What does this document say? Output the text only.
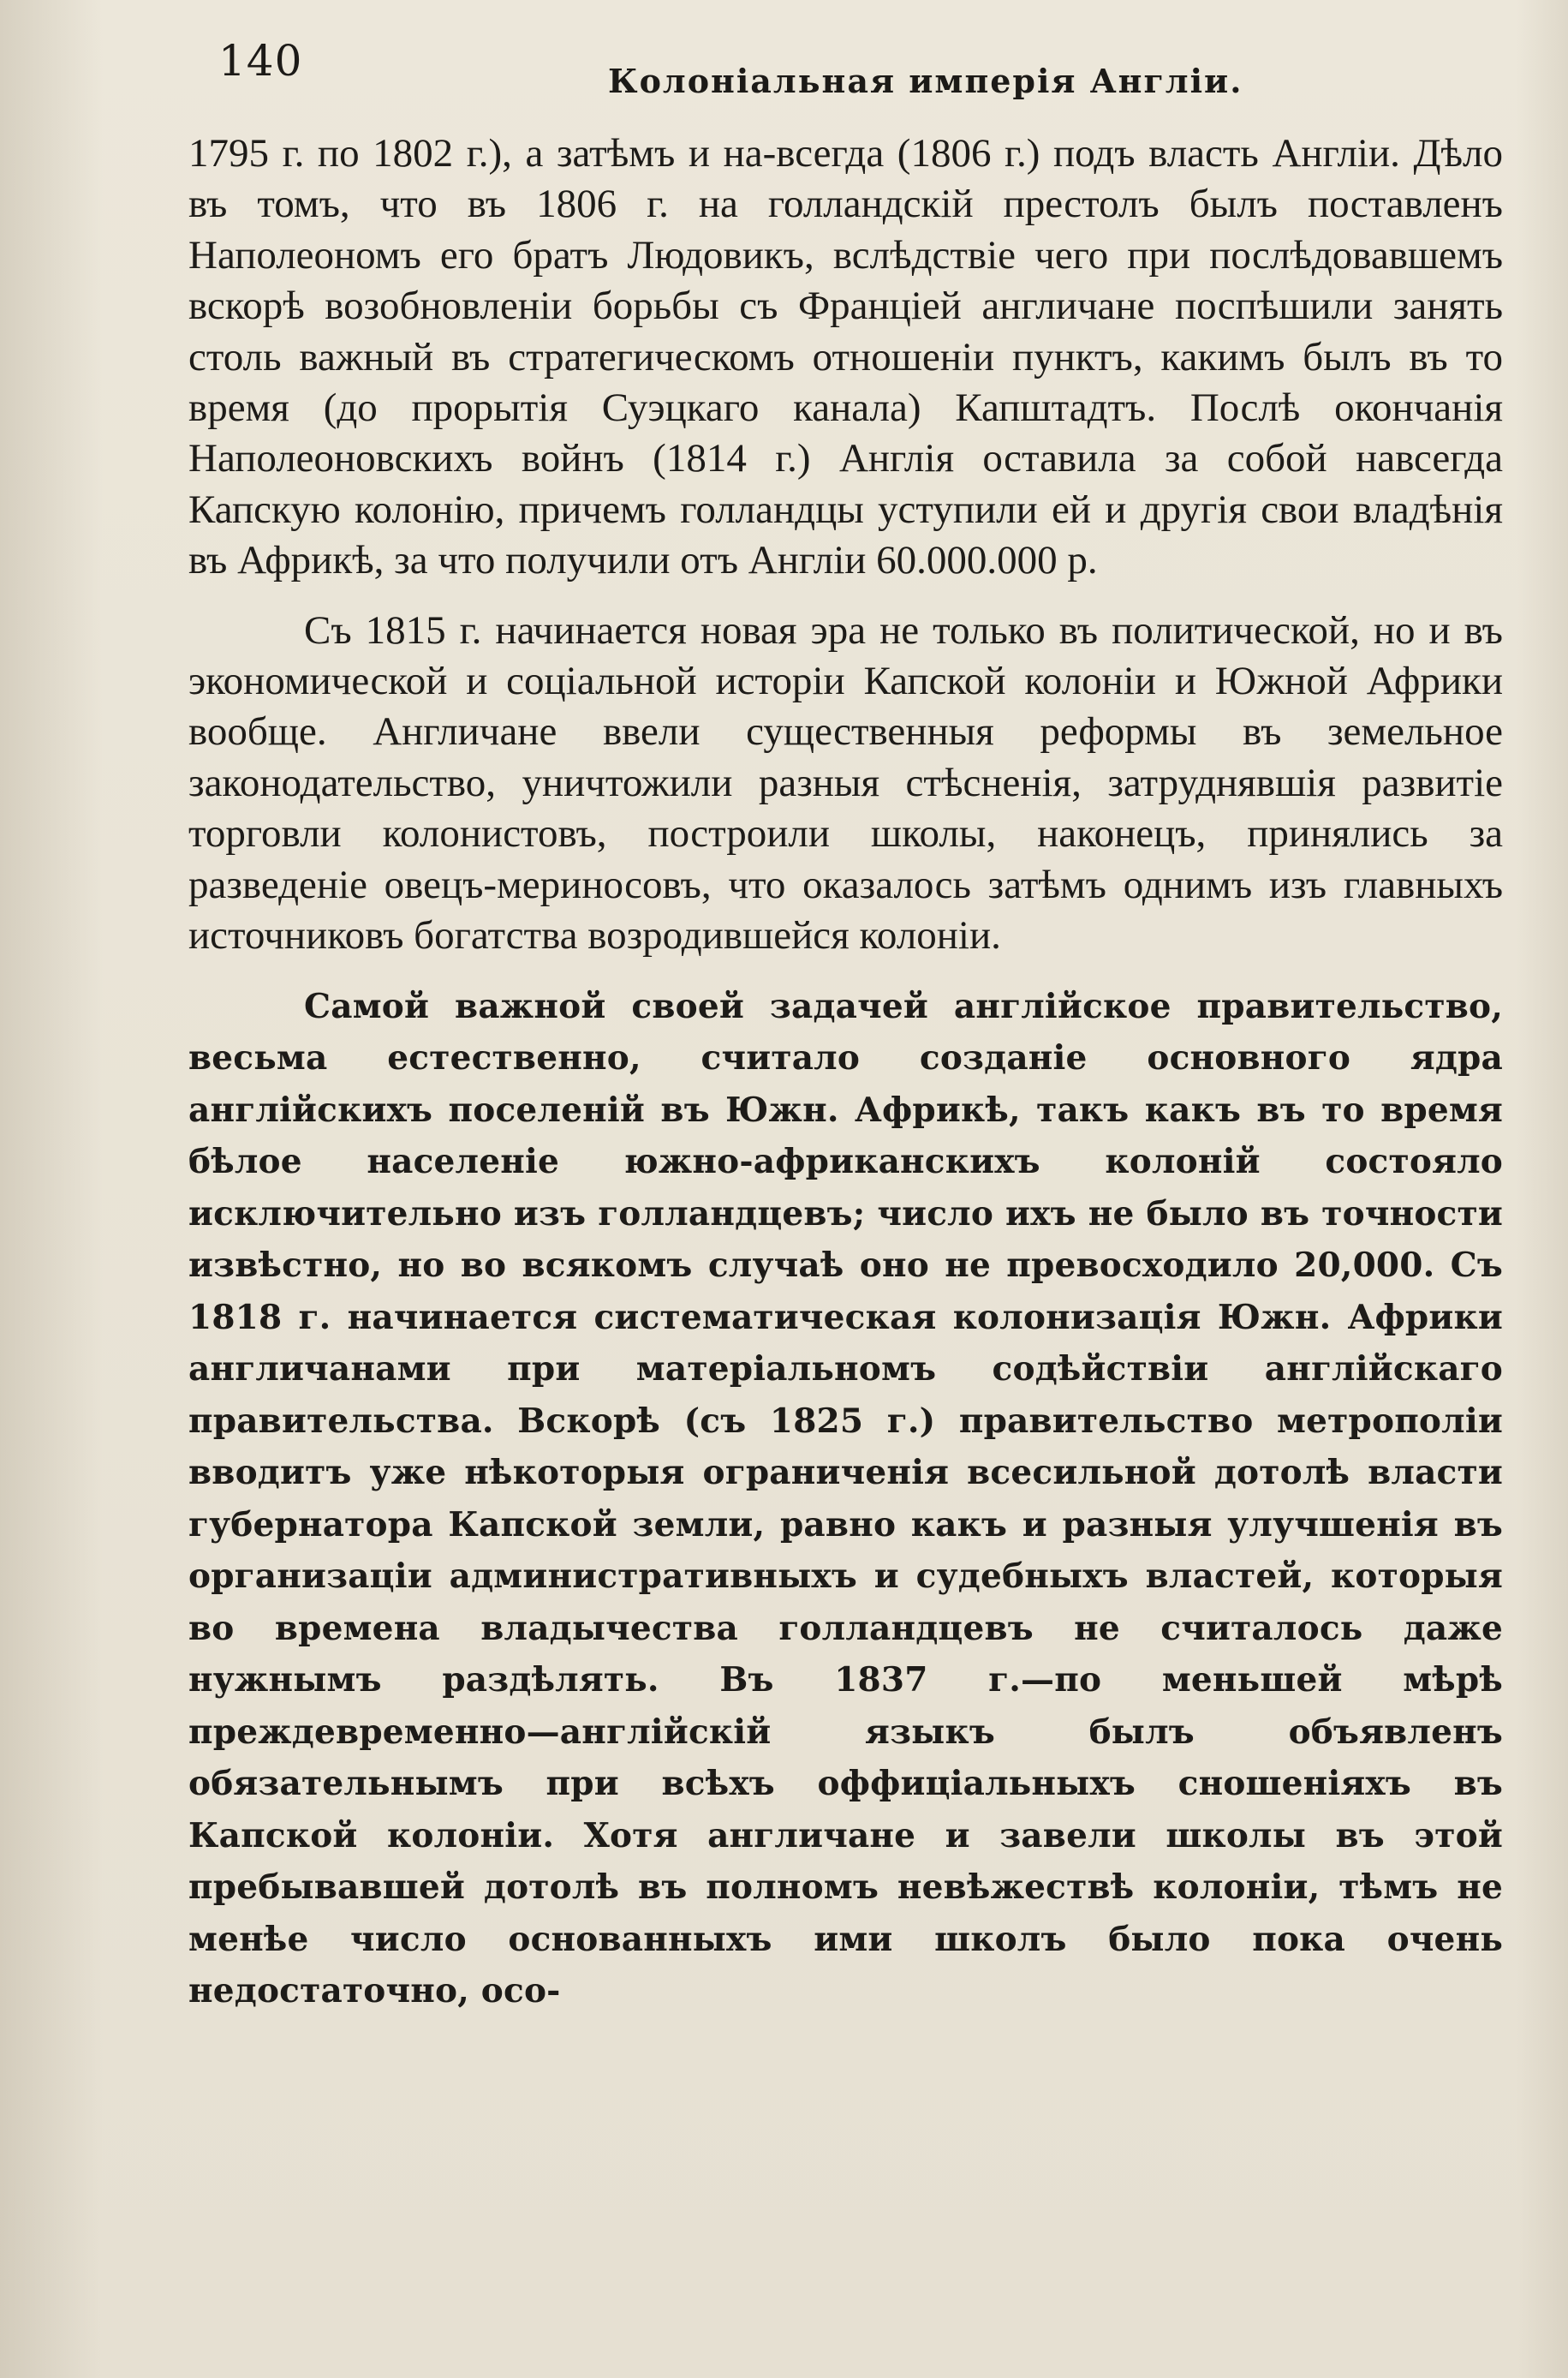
140	Колоніальная имперія Англіи.

1795 г. по 1802 г.), а затѣмъ и на-всегда (1806 г.) подъ власть Англіи. Дѣло въ томъ, что въ 1806 г. на голландскій престолъ былъ поставленъ Наполеономъ его братъ Людовикъ, вслѣдствіе чего при послѣдовавшемъ вскорѣ возобновленіи борьбы съ Франціей англичане поспѣшили занять столь важный въ стратегическомъ отношеніи пунктъ, какимъ былъ въ то время (до прорытія Суэцкаго канала) Капштадтъ. Послѣ окончанія Наполеоновскихъ войнъ (1814 г.) Англія оставила за собой навсегда Капскую колонію, причемъ голландцы уступили ей и другія свои владѣнія въ Африкѣ, за что получили отъ Англіи 60.000.000 р.

Съ 1815 г. начинается новая эра не только въ политической, но и въ экономической и соціальной исторіи Капской колоніи и Южной Африки вообще. Англичане ввели существенныя реформы въ земельное законодательство, уничтожили разныя стѣсненія, затруднявшія развитіе торговли колонистовъ, построили школы, наконецъ, принялись за разведеніе овецъ-мериносовъ, что оказалось затѣмъ однимъ изъ главныхъ источниковъ богатства возродившейся колоніи.

Самой важной своей задачей англійское правительство, весьма естественно, считало созданіе основного ядра англійскихъ поселеній въ Южн. Африкѣ, такъ какъ въ то время бѣлое населеніе южно-африканскихъ колоній состояло исключительно изъ голландцевъ; число ихъ не было въ точности извѣстно, но во всякомъ случаѣ оно не превосходило 20,000. Съ 1818 г. начинается систематическая колонизація Южн. Африки англичанами при матеріальномъ содѣйствіи англійскаго правительства. Вскорѣ (съ 1825 г.) правительство метрополіи вводитъ уже нѣкоторыя ограниченія всесильной дотолѣ власти губернатора Капской земли, равно какъ и разныя улучшенія въ организаціи административныхъ и судебныхъ властей, которыя во времена владычества голландцевъ не считалось даже нужнымъ раздѣлять. Въ 1837 г.—по меньшей мѣрѣ преждевременно—англійскій языкъ былъ объявленъ обязательнымъ при всѣхъ оффиціальныхъ сношеніяхъ въ Капской колоніи. Хотя англичане и завели школы въ этой пребывавшей дотолѣ въ полномъ невѣжествѣ колоніи, тѣмъ не менѣе число основанныхъ ими школъ было пока очень недостаточно, осо-
